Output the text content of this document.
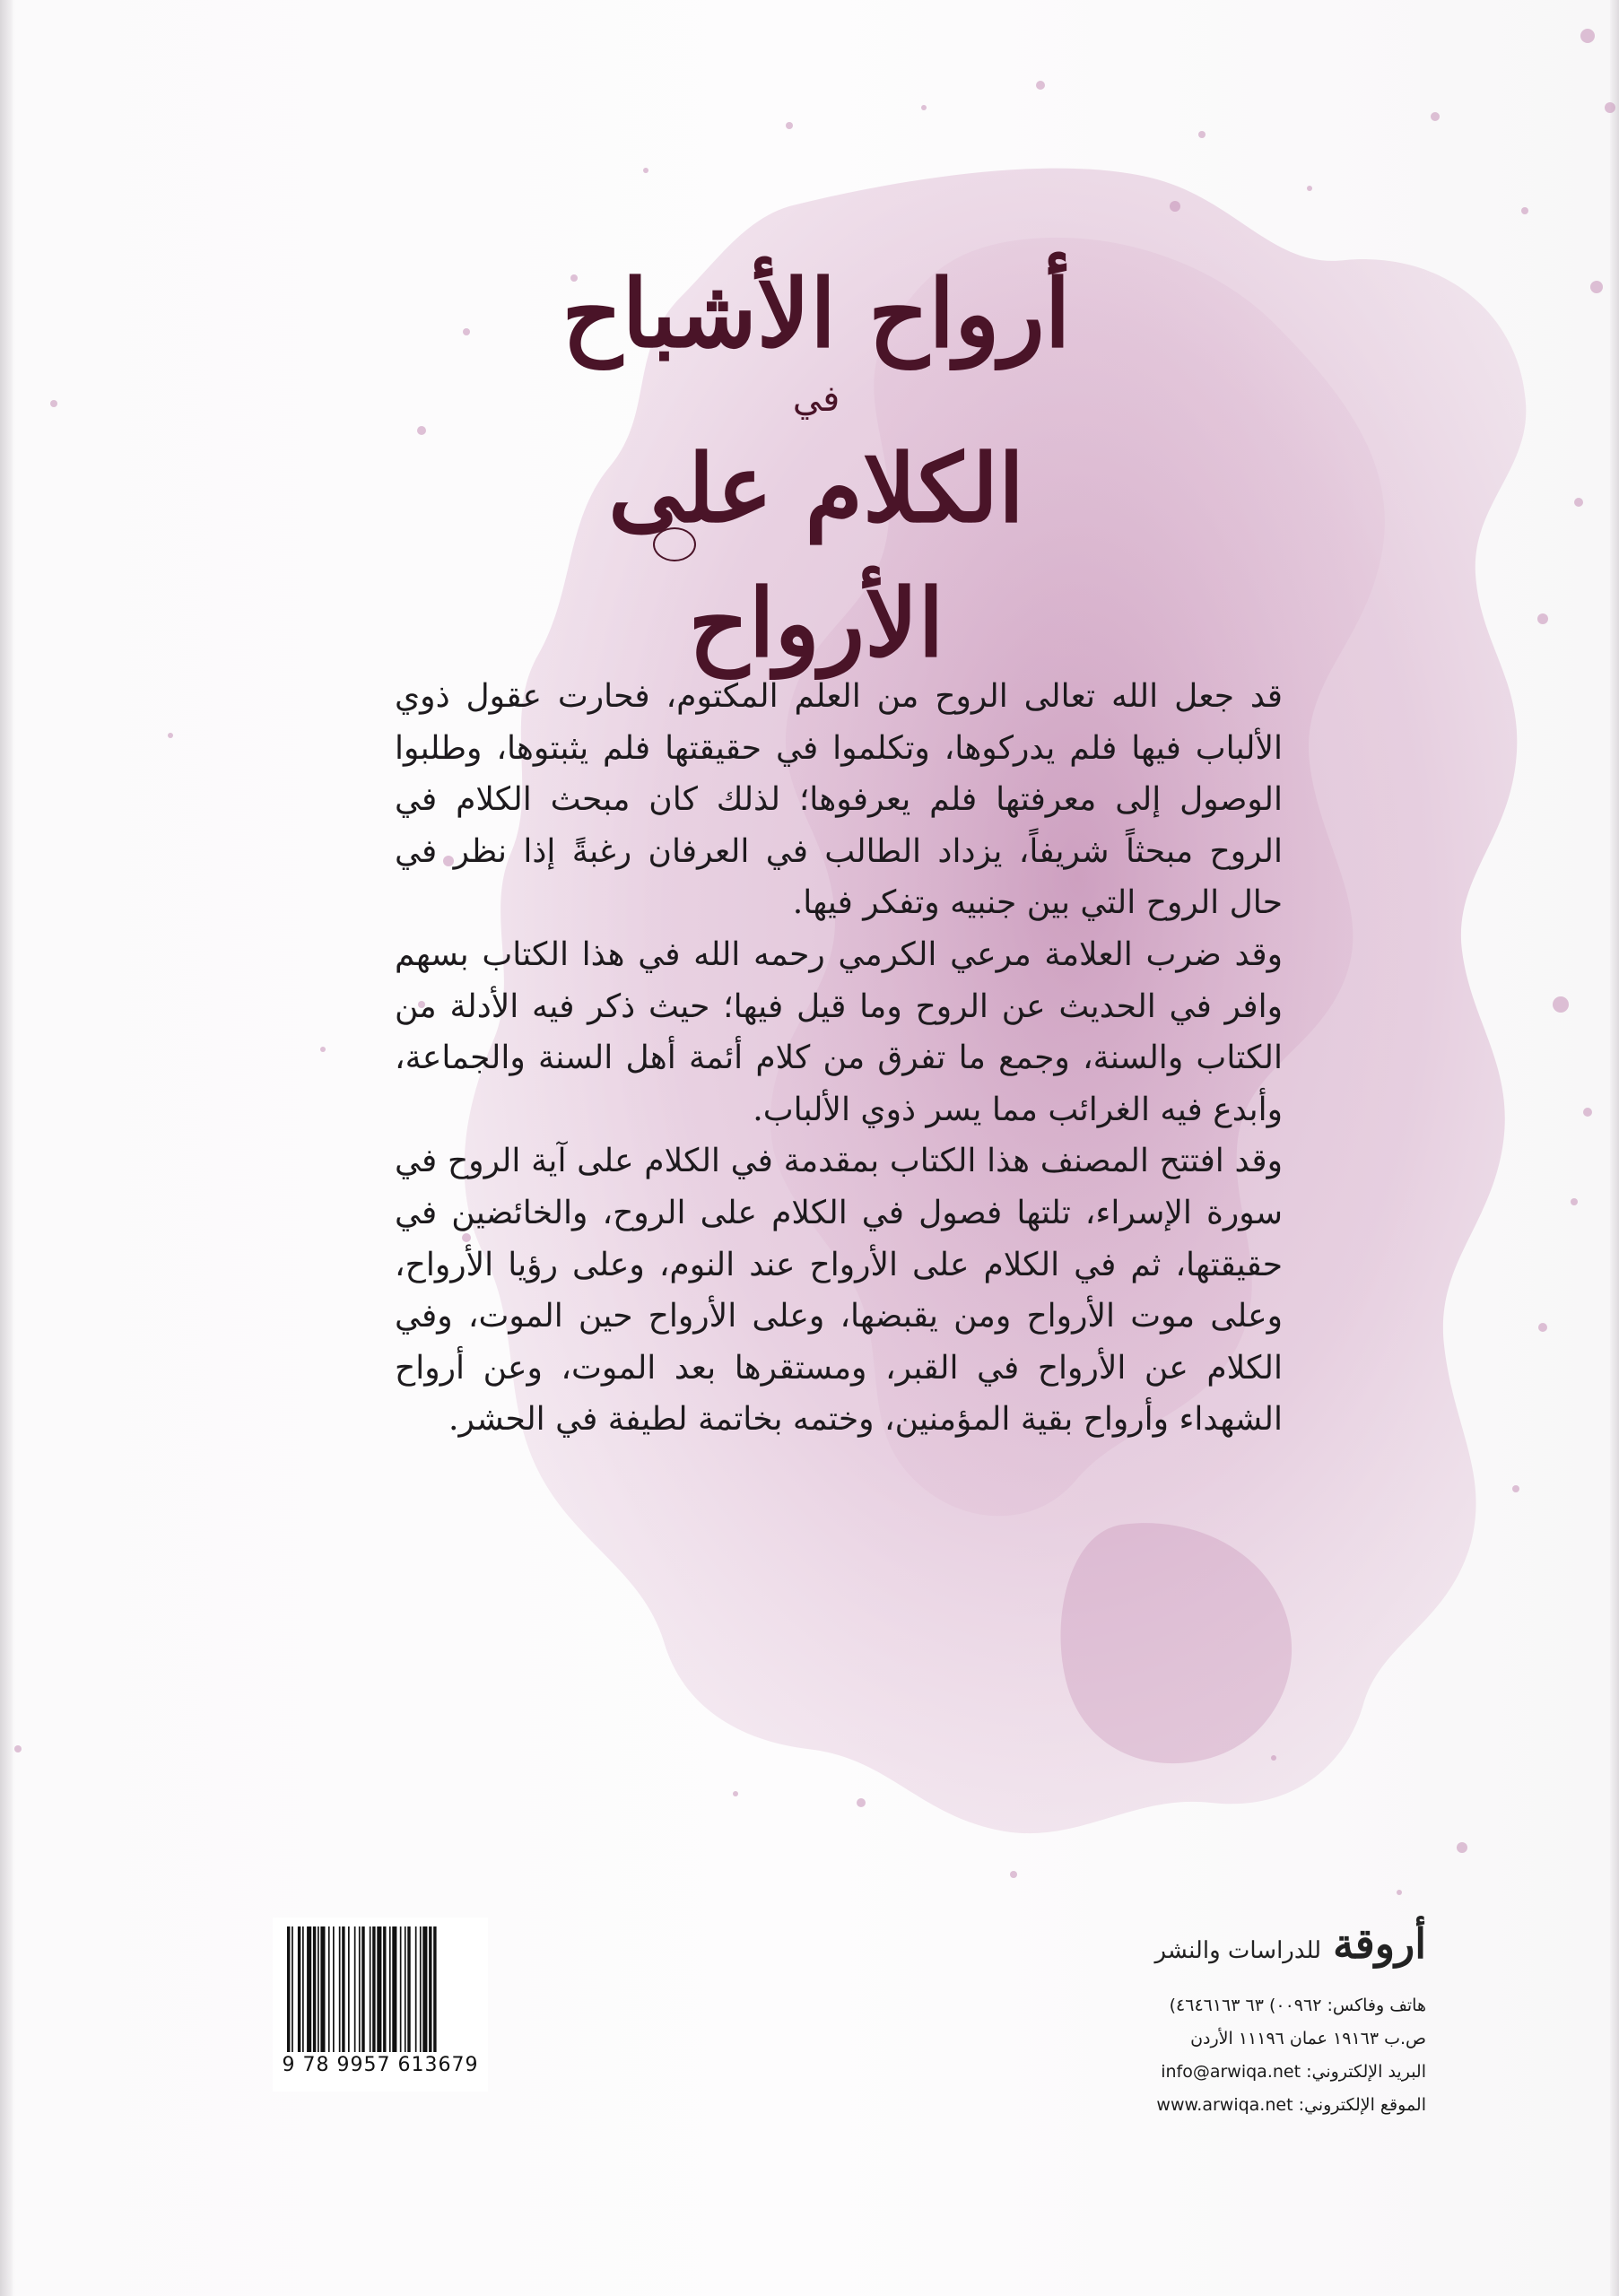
أرواح الأشباح
في
الكلام على الأرواح

قد جعل الله تعالى الروح من العلم المكتوم، فحارت عقول ذوي الألباب فيها فلم يدركوها، وتكلموا في حقيقتها فلم يثبتوها، وطلبوا الوصول إلى معرفتها فلم يعرفوها؛ لذلك كان مبحث الكلام في الروح مبحثاً شريفاً، يزداد الطالب في العرفان رغبةً إذا نظر في حال الروح التي بين جنبيه وتفكر فيها.

وقد ضرب العلامة مرعي الكرمي رحمه الله في هذا الكتاب بسهم وافر في الحديث عن الروح وما قيل فيها؛ حيث ذكر فيه الأدلة من الكتاب والسنة، وجمع ما تفرق من كلام أئمة أهل السنة والجماعة، وأبدع فيه الغرائب مما يسر ذوي الألباب.

وقد افتتح المصنف هذا الكتاب بمقدمة في الكلام على آية الروح في سورة الإسراء، تلتها فصول في الكلام على الروح، والخائضين في حقيقتها، ثم في الكلام على الأرواح عند النوم، وعلى رؤيا الأرواح، وعلى موت الأرواح ومن يقبضها، وعلى الأرواح حين الموت، وفي الكلام عن الأرواح في القبر، ومستقرها بعد الموت، وعن أرواح الشهداء وأرواح بقية المؤمنين، وختمه بخاتمة لطيفة في الحشر.

9 78 9957 613679
أروقة للدراسات والنشر
هاتف وفاكس: ٠٠٩٦٢) ٦٣ ٤٦٤٦١٦٣)
ص.ب ١٩١٦٣ عمان ١١١٩٦ الأردن
البريد الإلكتروني: info@arwiqa.net
الموقع الإلكتروني: www.arwiqa.net
